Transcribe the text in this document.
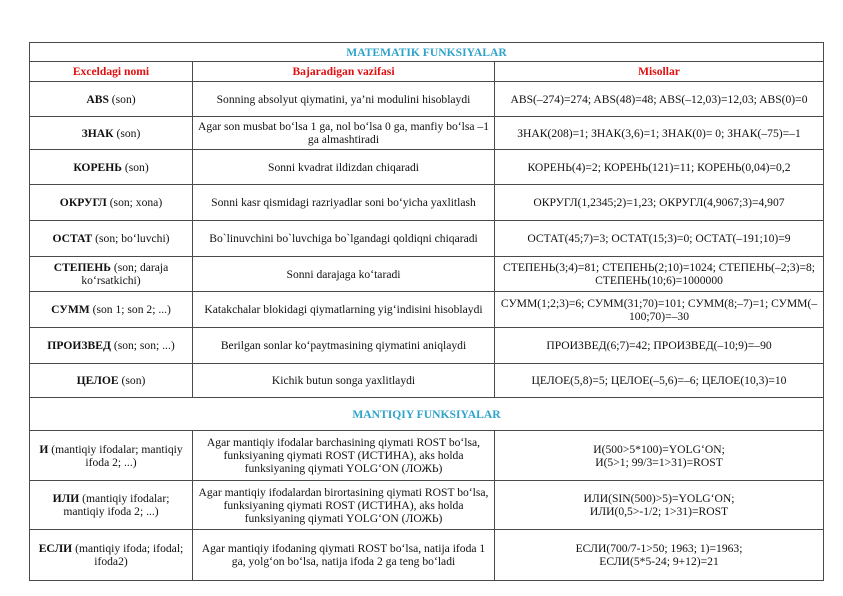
MATEMATIK FUNKSIYALAR		
Exceldagi nomi	Bajaradigan vazifasi	Misollar
ABS (son)	Sonning absolyut qiymatini, ya’ni modulini hisoblaydi	ABS(–274)=274; ABS(48)=48; ABS(–12,03)=12,03; ABS(0)=0
ЗНАК (son)	Agar son musbat bo‘lsa 1 ga, nol bo‘lsa 0 ga, manfiy bo‘lsa –1 ga almashtiradi	ЗНАК(208)=1; ЗНАК(3,6)=1; ЗНАК(0)= 0; ЗНАК(–75)=–1
КОРЕНЬ (son)	Sonni kvadrat ildizdan chiqaradi	КОРЕНЬ(4)=2; КОРЕНЬ(121)=11; КОРЕНЬ(0,04)=0,2
ОКРУГЛ (son; xona)	Sonni kasr qismidagi razriyadlar soni bo‘yicha yaxlitlash	ОКРУГЛ(1,2345;2)=1,23; ОКРУГЛ(4,9067;3)=4,907
ОСТАТ (son; bo‘luvchi)	Bo`linuvchini bo`luvchiga bo`lgandagi qoldiqni chiqaradi	ОСТАТ(45;7)=3; ОСТАТ(15;3)=0; ОСТАТ(–191;10)=9
СТЕПЕНЬ (son; daraja ko‘rsatkichi)	Sonni darajaga ko‘taradi	СТЕПЕНЬ(3;4)=81; СТЕПЕНЬ(2;10)=1024; СТЕПЕНЬ(–2;3)=8; СТЕПЕНЬ(10;6)=1000000
СУММ (son 1; son 2; ...)	Katakchalar blokidagi qiymatlarning yig‘indisini hisoblaydi	СУММ(1;2;3)=6; СУММ(31;70)=101; СУММ(8;–7)=1; СУММ(–100;70)=–30
ПРОИЗВЕД (son; son; ...)	Berilgan sonlar ko‘paytmasining qiymatini aniqlaydi	ПРОИЗВЕД(6;7)=42; ПРОИЗВЕД(–10;9)=–90
ЦЕЛОЕ (son)	Kichik butun songa yaxlitlaydi	ЦЕЛОЕ(5,8)=5; ЦЕЛОЕ(–5,6)=–6; ЦЕЛОЕ(10,3)=10
MANTIQIY FUNKSIYALAR		
И (mantiqiy ifodalar; mantiqiy ifoda 2; ...)	Agar mantiqiy ifodalar barchasining qiymati ROST bo‘lsa, funksiyaning qiymati ROST (ИСТИНА), aks holda funksiyaning qiymati YOLG‘ON (ЛОЖЬ)	И(500>5*100)=YOLG‘ON;
И(5>1; 99/3=1>31)=ROST
ИЛИ (mantiqiy ifodalar; mantiqiy ifoda 2; ...)	Agar mantiqiy ifodalardan birortasining qiymati ROST bo‘lsa, funksiyaning qiymati ROST (ИСТИНА), aks holda funksiyaning qiymati YOLG‘ON (ЛОЖЬ)	ИЛИ(SIN(500)>5)=YOLG‘ON;
ИЛИ(0,5>-1/2; 1>31)=ROST
ЕСЛИ (mantiqiy ifoda; ifodal; ifoda2)	Agar mantiqiy ifodaning qiymati ROST bo‘lsa, natija ifoda 1 ga, yolg‘on bo‘lsa, natija ifoda 2 ga teng bo‘ladi	ЕСЛИ(700/7-1>50; 1963; 1)=1963;
ЕСЛИ(5*5-24; 9+12)=21
